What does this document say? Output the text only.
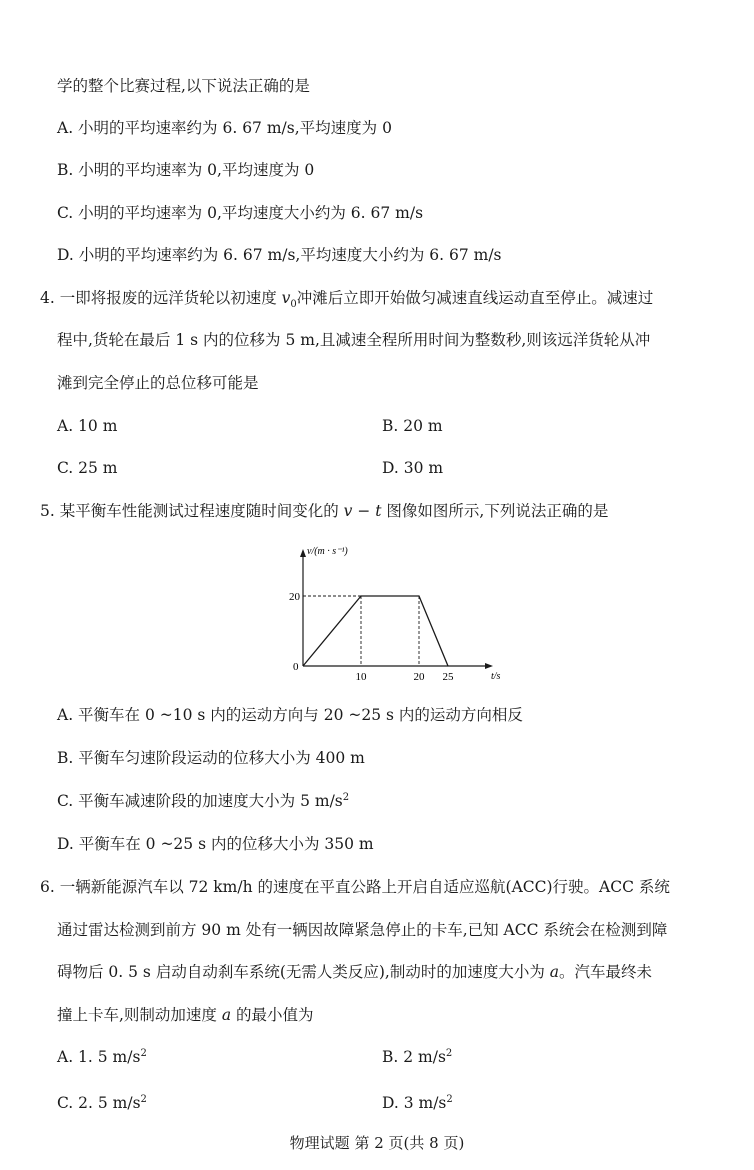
学的整个比赛过程,以下说法正确的是
A. 小明的平均速率约为 6. 67 m/s,平均速度为 0
B. 小明的平均速率为 0,平均速度为 0
C. 小明的平均速率为 0,平均速度大小约为 6. 67 m/s
D. 小明的平均速率约为 6. 67 m/s,平均速度大小约为 6. 67 m/s
4. 一即将报废的远洋货轮以初速度 $v_0$冲滩后立即开始做匀减速直线运动直至停止。减速过
程中,货轮在最后 1 s 内的位移为 5 m,且减速全程所用时间为整数秒,则该远洋货轮从冲
滩到完全停止的总位移可能是
A. 10 m	B. 20 m
C. 25 m	D. 30 m
5. 某平衡车性能测试过程速度随时间变化的 v − t 图像如图所示,下列说法正确的是
v/(m · s⁻¹)
t/s
0
10	20 25
20
A. 平衡车在 0 ~10 s 内的运动方向与 20 ~25 s 内的运动方向相反
B. 平衡车匀速阶段运动的位移大小为 400 m
C. 平衡车减速阶段的加速度大小为 5 $m/s^2$
D. 平衡车在 0 ~25 s 内的位移大小为 350 m
6. 一辆新能源汽车以 72 km/h 的速度在平直公路上开启自适应巡航(ACC)行驶。ACC 系统
通过雷达检测到前方 90 m 处有一辆因故障紧急停止的卡车,已知 ACC 系统会在检测到障
碍物后 0. 5 s 启动自动刹车系统(无需人类反应),制动时的加速度大小为 a。汽车最终未
撞上卡车,则制动加速度 a 的最小值为
A. 1. 5 $m/s^2$	B. 2 $m/s^2$
C. 2. 5 $m/s^2$	D. 3 $m/s^2$
物理试题 第 2 页(共 8 页)
